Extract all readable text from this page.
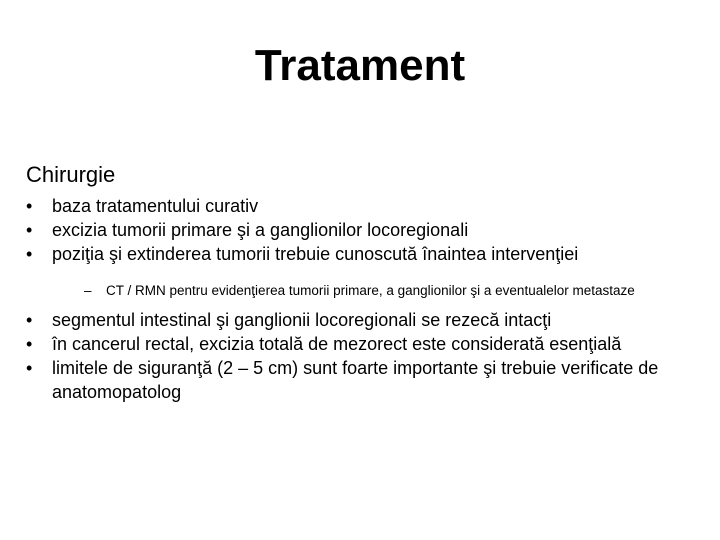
Tratament
Chirurgie
•	baza tratamentului curativ
•	excizia tumorii primare şi a ganglionilor locoregionali
•	poziţia şi extinderea tumorii trebuie cunoscută înaintea intervenţiei
– CT / RMN pentru evidenţierea tumorii primare, a ganglionilor şi a eventualelor metastaze
•	segmentul intestinal şi ganglionii locoregionali se rezecă intacţi
•	în cancerul rectal, excizia totală de mezorect este considerată esenţială
•	limitele de siguranţă (2 – 5 cm) sunt foarte importante şi trebuie verificate de anatomopatolog
